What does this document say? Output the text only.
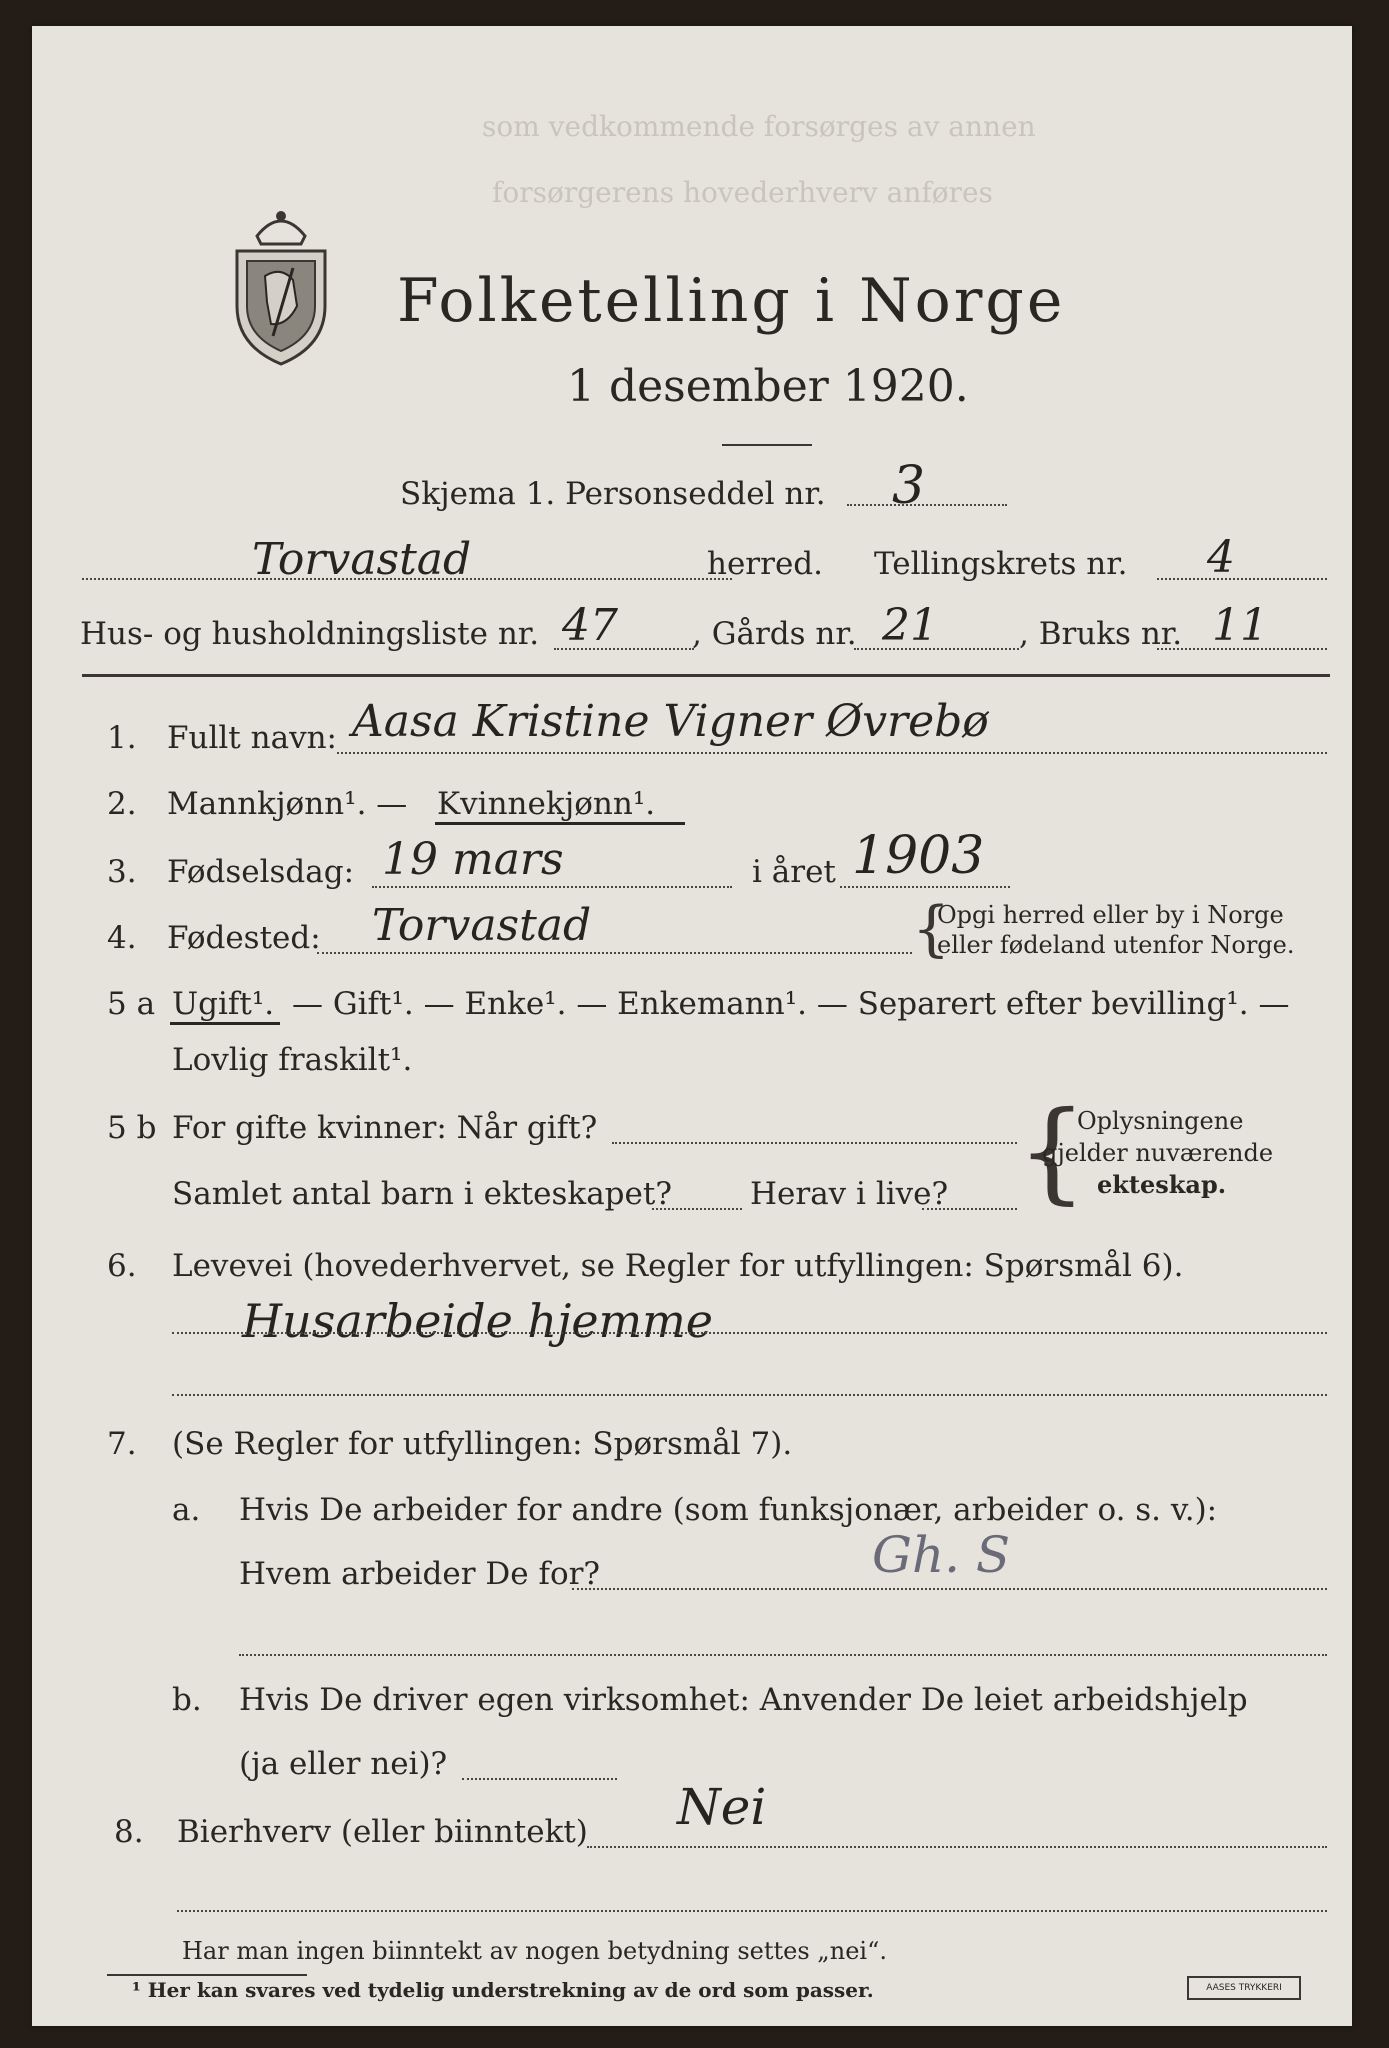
som vedkommende forsørges av annen
forsørgerens hovederhverv anføres
Folketelling i Norge
1 desember 1920.
Skjema 1. Personseddel nr. 3
Torvastad	herred. Tellingskrets nr. 4
Hus- og husholdningsliste nr. 47 , Gårds nr. 21	, Bruks nr. 11
1. Fullt navn: Aasa Kristine Vigner Øvrebø
2. Mannkjønn¹. — Kvinnekjønn¹.
3. Fødselsdag: 19 mars	i året 1903
4. Fødested: Torvastad	{
Opgi herred eller by i Norge
eller fødeland utenfor Norge.
5 a Ugift¹. — Gift¹. — Enke¹. — Enkemann¹. — Separert efter bevilling¹. —
Lovlig fraskilt¹.
5 b For gifte kvinner: Når gift?
Samlet antal barn i ekteskapet?	Herav i live? {
Oplysningene
gjelder nuværende
ekteskap.
6. Levevei (hovederhvervet, se Regler for utfyllingen: Spørsmål 6).
Husarbeide hjemme
7. (Se Regler for utfyllingen: Spørsmål 7).
a. Hvis De arbeider for andre (som funksjonær, arbeider o. s. v.):
Hvem arbeider De for?	Gh. S
b. Hvis De driver egen virksomhet: Anvender De leiet arbeidshjelp
(ja eller nei)?
8. Bierhverv (eller biinntekt) Nei
Har man ingen biinntekt av nogen betydning settes „nei“.
¹ Her kan svares ved tydelig understrekning av de ord som passer.	AASES TRYKKERI
